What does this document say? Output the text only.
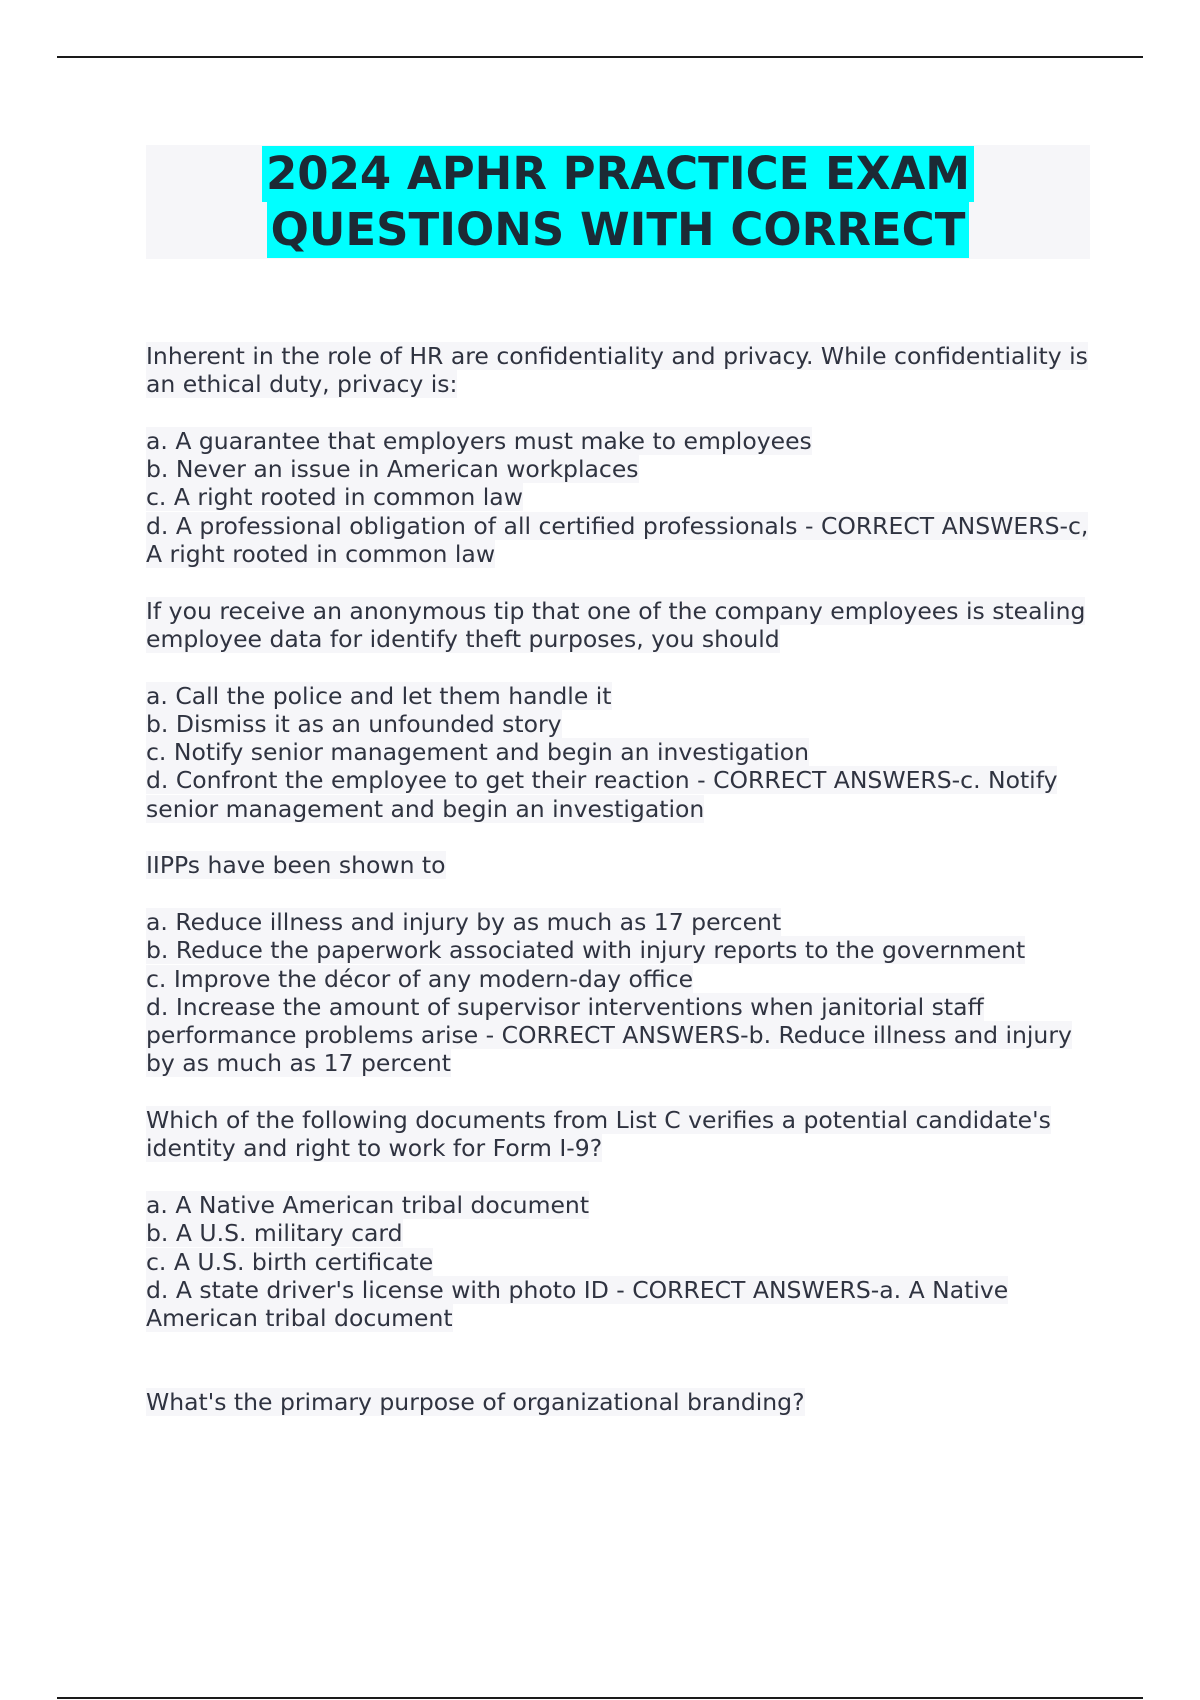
2024 APHR PRACTICE EXAM
QUESTIONS WITH CORRECT
Inherent in the role of HR are confidentiality and privacy. While confidentiality is an ethical duty, privacy is:
a. A guarantee that employers must make to employees
b. Never an issue in American workplaces
c. A right rooted in common law
d. A professional obligation of all certified professionals - CORRECT ANSWERS-c, A right rooted in common law
If you receive an anonymous tip that one of the company employees is stealing employee data for identify theft purposes, you should
a. Call the police and let them handle it
b. Dismiss it as an unfounded story
c. Notify senior management and begin an investigation
d. Confront the employee to get their reaction - CORRECT ANSWERS-c. Notify senior management and begin an investigation
IIPPs have been shown to
a. Reduce illness and injury by as much as 17 percent
b. Reduce the paperwork associated with injury reports to the government
c. Improve the décor of any modern-day office
d. Increase the amount of supervisor interventions when janitorial staff performance problems arise - CORRECT ANSWERS-b. Reduce illness and injury by as much as 17 percent
Which of the following documents from List C verifies a potential candidate's identity and right to work for Form I-9?
a. A Native American tribal document
b. A U.S. military card
c. A U.S. birth certificate
d. A state driver's license with photo ID - CORRECT ANSWERS-a. A Native American tribal document
What's the primary purpose of organizational branding?
